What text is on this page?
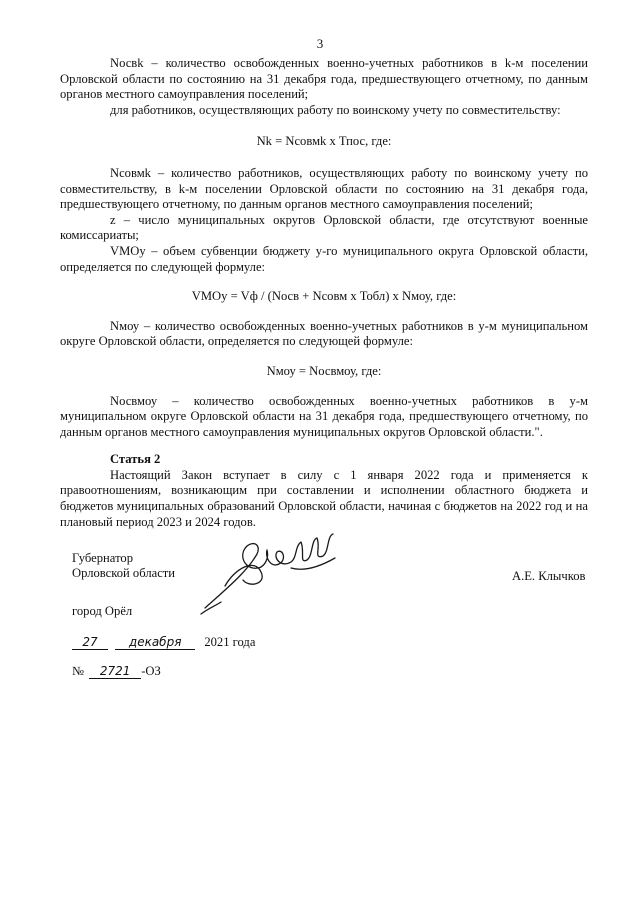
3

Nосвk – количество освобожденных военно-учетных работников в k-м поселении Орловской области по состоянию на 31 декабря года, предшествующего отчетному, по данным органов местного самоуправления поселений;

для работников, осуществляющих работу по воинскому учету по совместительству:

Nk = Nсовмk х Тпос, где:

Nсовмk – количество работников, осуществляющих работу по воинскому учету по совместительству, в k-м поселении Орловской области по состоянию на 31 декабря года, предшествующего отчетному, по данным органов местного самоуправления поселений;

z – число муниципальных округов Орловской области, где отсутствуют военные комиссариаты;

VMOy – объем субвенции бюджету y-го муниципального округа Орловской области, определяется по следующей формуле:

VMOy = Vф / (Nосв + Nсовм х Тобл) х Nмоу, где:

Nмоу – количество освобожденных военно-учетных работников в у-м муниципальном округе Орловской области, определяется по следующей формуле:

Nмоу = Nосвмоу, где:

Nосвмоу – количество освобожденных военно-учетных работников в у-м муниципальном округе Орловской области на 31 декабря года, предшествующего отчетному, по данным органов местного самоуправления муниципальных округов Орловской области.".

Статья 2

Настоящий Закон вступает в силу с 1 января 2022 года и применяется к правоотношениям, возникающим при составлении и исполнении областного бюджета и бюджетов муниципальных образований Орловской области, начиная с бюджетов на 2022 год и на плановый период 2023 и 2024 годов.

Губернатор
Орловской области	А.Е. Клычков
город Орёл
27	декабря 2021 года
№ 2721 -ОЗ
